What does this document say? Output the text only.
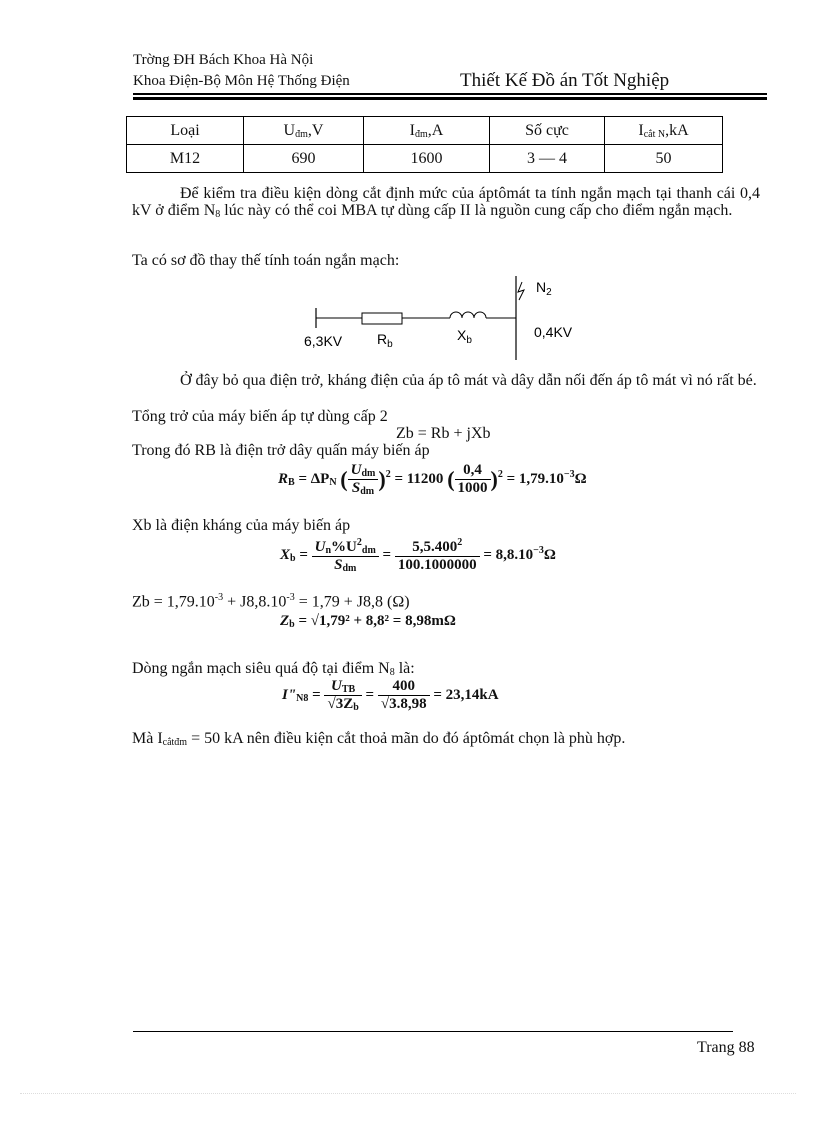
Trờng ĐH Bách Khoa Hà Nội
Khoa Điện-Bộ Môn Hệ Thống Điện	Thiết Kế Đồ án Tốt Nghiệp
Loại	$U_{đm},V$	$I_{đm},A$	Số cực	$I_{cắt N},kA$
M12	690	1600	3 — 4	50
Để kiểm tra điều kiện dòng cắt định mức của áptômát ta tính ngắn mạch tại thanh cái 0,4 kV ở điểm $N_8$ lúc này có thể coi MBA tự dùng cấp II là nguồn cung cấp cho điểm ngắn mạch.
Ta có sơ đồ thay thế tính toán ngắn mạch:
6,3KV $R_b$
$X_b$
0,4KV
$N_2$
Ở đây bỏ qua điện trở, kháng điện của áp tô mát và dây dẫn nối đến áp tô mát vì nó rất bé.
Tổng trở của máy biến áp tự dùng cấp 2
Zb = Rb + jXb
Trong đó RB là điện trở dây quấn máy biến áp
$R_B = \Delta P_N$ ( $\frac{U_{dm}}{S_{dm}} )^2 = 11200$ ( $\frac{0,4}{1000} )^2 = 1,79.10^{-3}\Omega$
Xb là điện kháng của máy biến áp
$X_b = \frac{U_n\%U^2_{dm}}{S_{dm}} = \frac{5,5.400^2}{100.1000000} = 8,8.10^{-3}\Omega$
$Zb = 1,79.10^{-3} + J8,8.10^{-3} = 1,79 + J8,8$ (Ω)
$Z_b = √1,79^2 + 8,8^2 = 8,98m\Omega$
Dòng ngắn mạch siêu quá độ tại điểm $N_8$ là:
$I"_{N8} = \frac{U_{TB}}{√3Z_b} = \frac{400}{√3.8,98} = 23,14kA$
Mà $I_{cắtđm} = 50$ kA nên điều kiện cắt thoả mãn do đó áptômát chọn là phù hợp.
Trang 88
